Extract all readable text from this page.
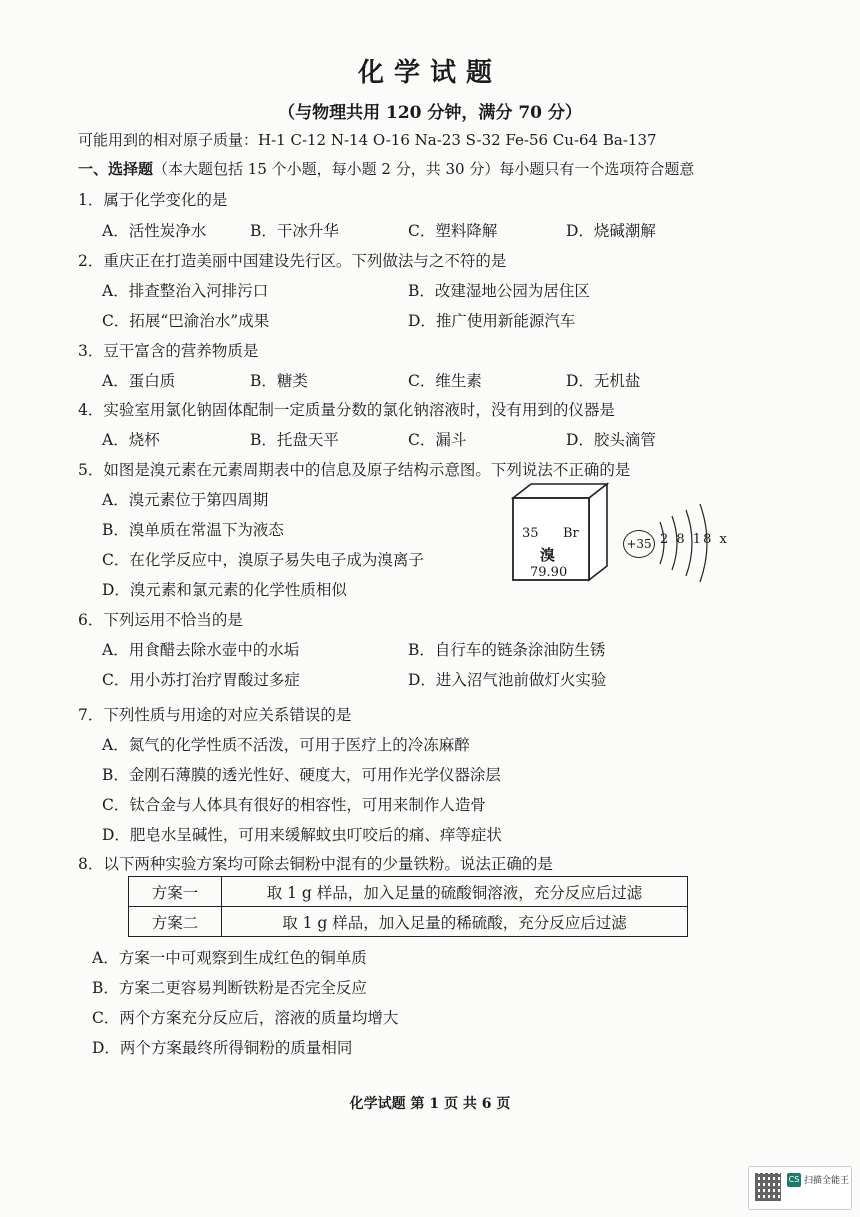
化学试题
（与物理共用 120 分钟，满分 70 分）
可能用到的相对原子质量：H-1 C-12 N-14 O-16 Na-23 S-32 Fe-56 Cu-64 Ba-137
一、选择题（本大题包括 15 个小题，每小题 2 分，共 30 分）每小题只有一个选项符合题意
1．属于化学变化的是
A．活性炭净水	B．干冰升华	C．塑料降解	D．烧碱潮解
2．重庆正在打造美丽中国建设先行区。下列做法与之不符的是
A．排查整治入河排污口	B．改建湿地公园为居住区
C．拓展“巴渝治水”成果	D．推广使用新能源汽车
3．豆干富含的营养物质是
A．蛋白质	B．糖类	C．维生素	D．无机盐
4．实验室用氯化钠固体配制一定质量分数的氯化钠溶液时，没有用到的仪器是
A．烧杯	B．托盘天平	C．漏斗	D．胶头滴管
5．如图是溴元素在元素周期表中的信息及原子结构示意图。下列说法不正确的是
A．溴元素位于第四周期
B．溴单质在常温下为液态
C．在化学反应中，溴原子易失电子成为溴离子
D．溴元素和氯元素的化学性质相似
35 Br
溴
79.90
+35 2 8 18 x
6．下列运用不恰当的是
A．用食醋去除水壶中的水垢	B．自行车的链条涂油防生锈
C．用小苏打治疗胃酸过多症	D．进入沼气池前做灯火实验
7．下列性质与用途的对应关系错误的是
A．氮气的化学性质不活泼，可用于医疗上的冷冻麻醉
B．金刚石薄膜的透光性好、硬度大，可用作光学仪器涂层
C．钛合金与人体具有很好的相容性，可用来制作人造骨
D．肥皂水呈碱性，可用来缓解蚊虫叮咬后的痛、痒等症状
8．以下两种实验方案均可除去铜粉中混有的少量铁粉。说法正确的是
方案一	取 1 g 样品，加入足量的硫酸铜溶液，充分反应后过滤
方案二	取 1 g 样品，加入足量的稀硫酸，充分反应后过滤
A．方案一中可观察到生成红色的铜单质
B．方案二更容易判断铁粉是否完全反应
C．两个方案充分反应后，溶液的质量均增大
D．两个方案最终所得铜粉的质量相同
化学试题 第 1 页 共 6 页
CS 扫描全能王
